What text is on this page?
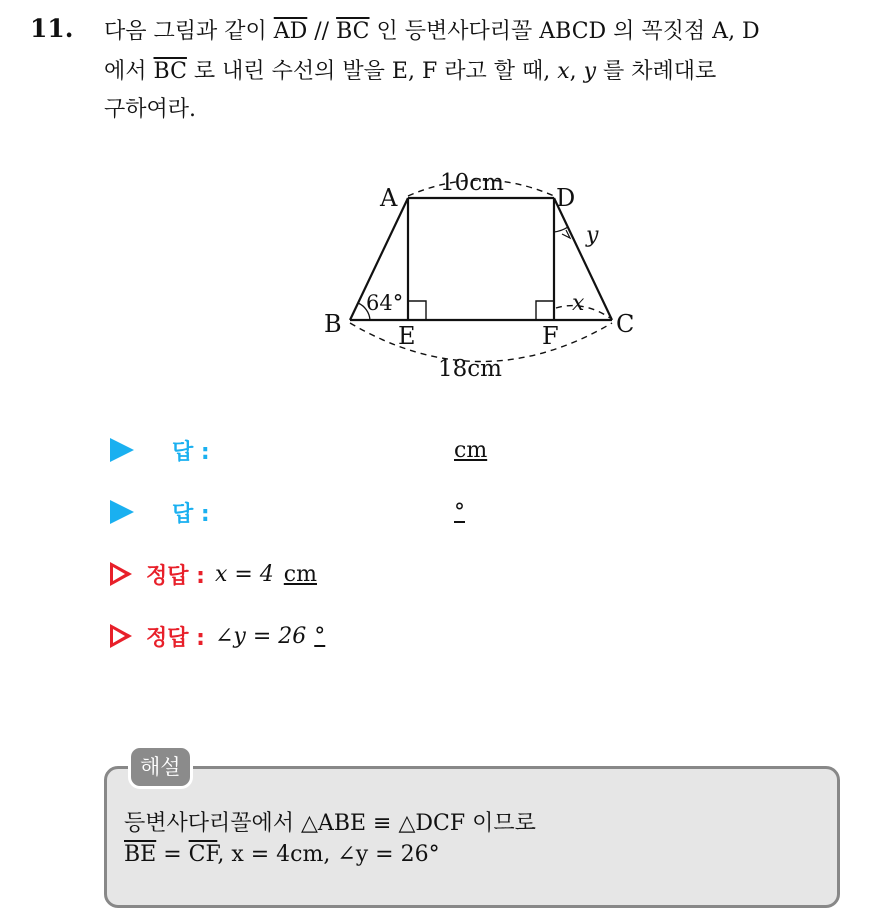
11. 다음 그림과 같이 $\overline{AD} // \overline{BC}$ 인 등변사다리꼴 ABCD 의 꼭짓점 A, D
에서 $\overline{BC}$ 로 내린 수선의 발을 E, F 라고 할 때, x, y 를 차례대로
구하여라.
A	D
B	C
E	F
10cm
18cm
64°	x
y
답 :	cm
답 :	°
정답 : x = 4 cm
정답 : ∠y = 26 °
해설
등변사다리꼴에서 △ABE ≡ △DCF 이므로
$\overline{BE} = \overline{CF}$, x = 4cm, ∠y = 26°
